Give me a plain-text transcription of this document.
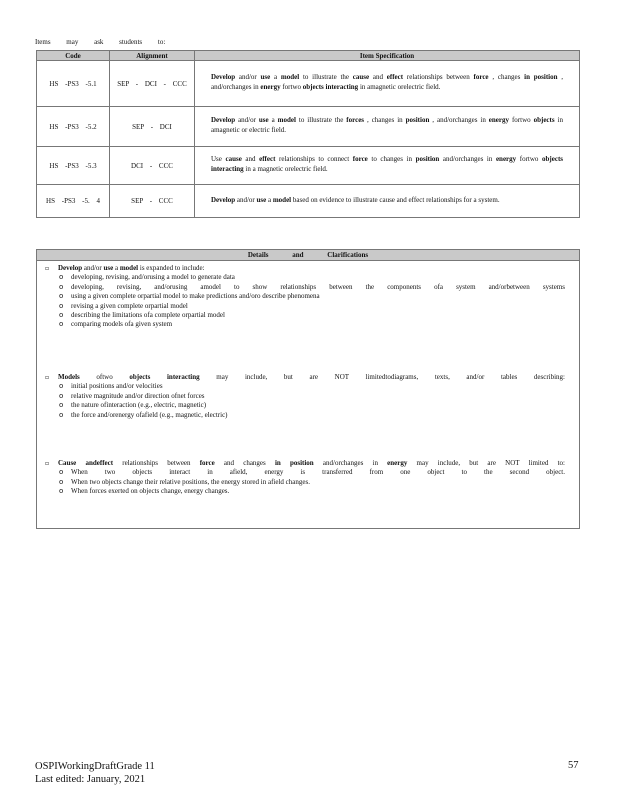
Items may ask students to:
Code	Alignment	Item Specification
HS -PS3 -5.1	SEP - DCI - CCC	Develop and/or use a model to illustrate the cause and effect relationships between force , changes in position , and/orchanges in energy fortwo objects interacting in amagnetic orelectric field.
HS -PS3 -5.2	SEP - DCI	Develop and/or use a model to illustrate the forces , changes in position , and/orchanges in energy fortwo objects in amagnetic or electric field.
HS -PS3 -5.3	DCI - CCC	Use cause and effect relationships to connect force to changes in position and/orchanges in energy fortwo objects interacting in a magnetic orelectric field.
HS -PS3 -5. 4	SEP - CCC	Develop and/or use a model based on evidence to illustrate cause and effect relationships for a system.
Details and Clarifications
▫ Develop and/or use a model is expanded to include:
o developing, revising, and/orusing a model to generate data
o developing, revising, and/orusing amodel to show relationships between the components ofa system and/orbetween systems
o using a given complete orpartial model to make predictions and/oro describe phenomena
o revising a given complete orpartial model
o describing the limitations ofa complete orpartial model
o comparing models ofa given system
▫ Models oftwo objects interacting may include, but are NOT limitedtodiagrams, texts, and/or tables describing:
o initial positions and/or velocities
o relative magnitude and/or direction ofnet forces
o the nature ofinteraction (e.g., electric, magnetic)
o the force and/orenergy ofafield (e.g., magnetic, electric)
▫ Cause andeffect relationships between force and changes in position and/orchanges in energy may include, but are NOT limited to:
o When two objects interact in afield, energy is transferred from one object to the second object.
o When two objects change their relative positions, the energy stored in afield changes.
o When forces exerted on objects change, energy changes.
OSPIWorkingDraftGrade 11
Last edited: January, 2021
57
